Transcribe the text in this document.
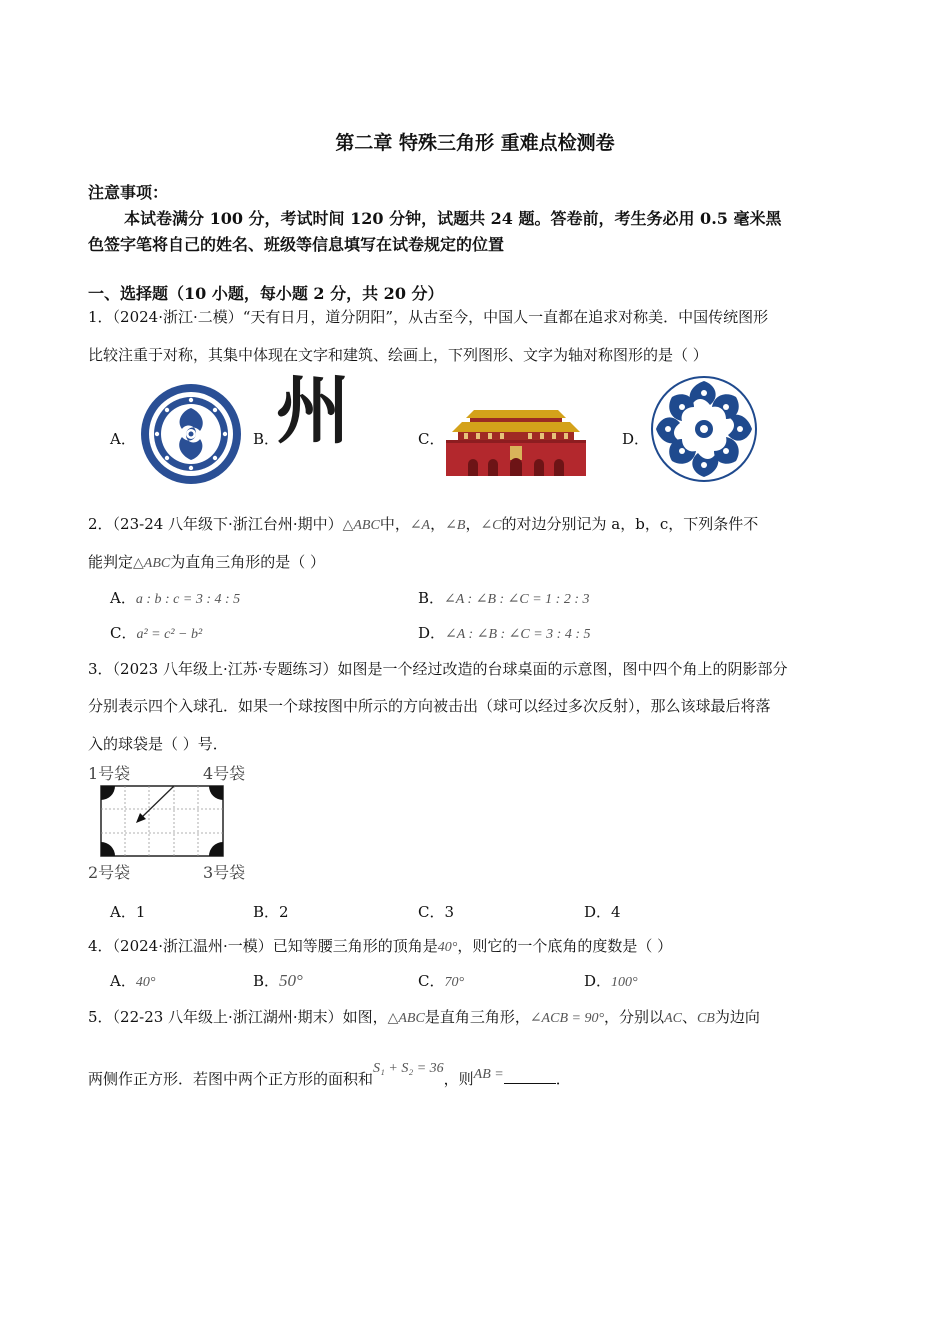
第二章 特殊三角形 重难点检测卷
注意事项：
本试卷满分 100 分，考试时间 120 分钟，试题共 24 题。答卷前，考生务必用 0.5 毫米黑
色签字笔将自己的姓名、班级等信息填写在试卷规定的位置
一、选择题（10 小题，每小题 2 分，共 20 分）
1．（2024·浙江·二模）“天有日月，道分阴阳”，从古至今，中国人一直都在追求对称美．中国传统图形
比较注重于对称，其集中体现在文字和建筑、绘画上，下列图形、文字为轴对称图形的是（ ）
A．	B．
州	C．	D．
2．（23-24 八年级下·浙江台州·期中）△ABC中，∠A，∠B，∠C的对边分别记为 a，b，c，下列条件不
能判定△ABC为直角三角形的是（ ）
A．a : b : c = 3 : 4 : 5	B．∠A : ∠B : ∠C = 1 : 2 : 3
C．a² = c² − b²	D．∠A : ∠B : ∠C = 3 : 4 : 5
3．（2023 八年级上·江苏·专题练习）如图是一个经过改造的台球桌面的示意图，图中四个角上的阴影部分
分别表示四个入球孔．如果一个球按图中所示的方向被击出（球可以经过多次反射），那么该球最后将落
入的球袋是（ ）号．
1号袋	4号袋
2号袋	3号袋
A．1	B．2	C．3	D．4
4．（2024·浙江温州·一模）已知等腰三角形的顶角是40°，则它的一个底角的度数是（ ）
A．40°	B．50°	C．70°	D．100°
5．（22-23 八年级上·浙江湖州·期末）如图，△ABC是直角三角形，∠ACB = 90°，分别以AC、CB为边向
两侧作正方形．若图中两个正方形的面积和S₁ + S₂ = 36，则AB =	．
